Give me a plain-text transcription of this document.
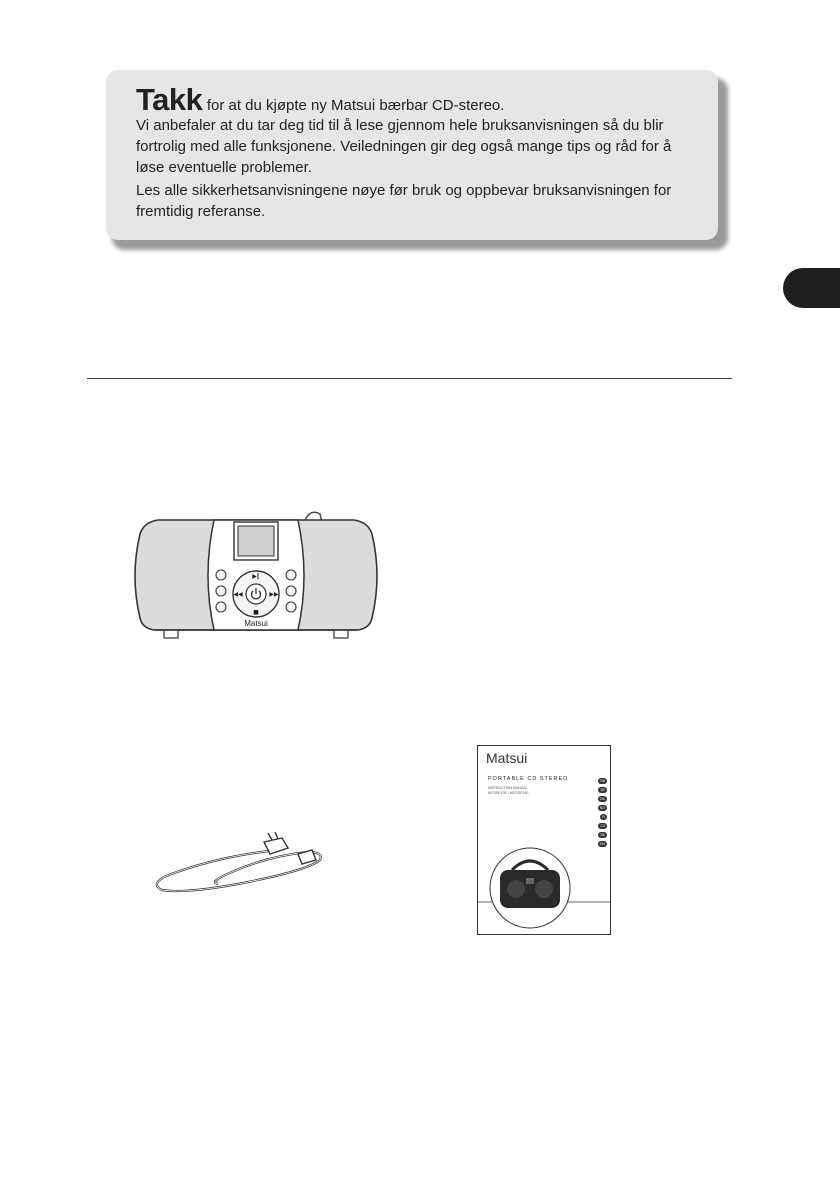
Takk for at du kjøpte ny Matsui bærbar CD-stereo.

Vi anbefaler at du tar deg tid til å lese gjennom hele bruksanvisningen så du blir fortrolig med alle funksjonene. Veiledningen gir deg også mange tips og råd for å løse eventuelle problemer.

Les alle sikkerhetsanvisningene nøye før bruk og oppbevar bruksanvisningen for fremtidig referanse.

▶‖
■
◀◀	▶▶
Matsui
Matsui
PORTABLE CD STEREO
INSTRUCTION MANUAL
MCDSP13E / MCDSP14E
GB
SE
DK
NO
FI
CZ
SK
HU
